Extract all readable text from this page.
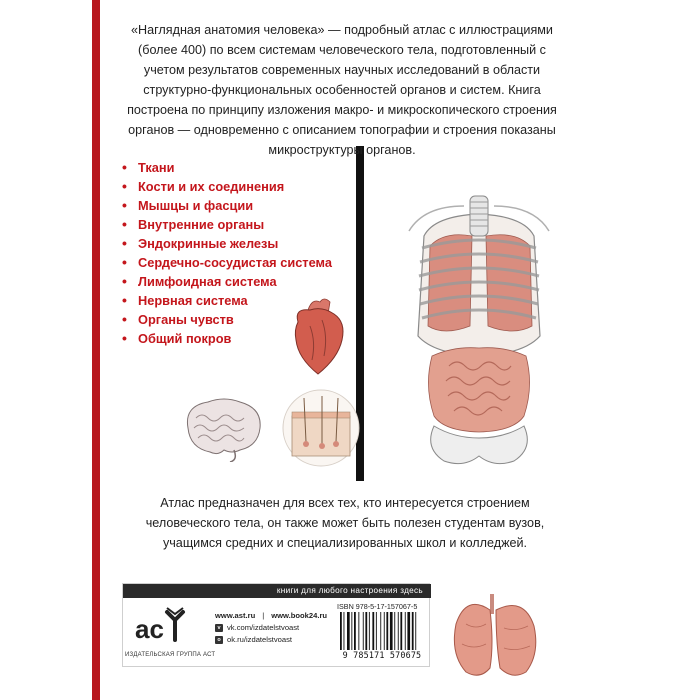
«Наглядная анатомия человека» — подробный атлас с иллюстрациями (более 400) по всем системам человеческого тела, подготовленный с учетом результатов современных научных исследований в области структурно-функциональных особенностей органов и систем. Книга построена по принципу изложения макро- и микроскопического строения органов — одновременно с описанием топографии и строения показаны микроструктуры органов.

• Ткани
• Кости и их соединения
• Мышцы и фасции
• Внутренние органы
• Эндокринные железы
• Сердечно-сосудистая система
• Лимфоидная система
• Нервная система
• Органы чувств
• Общий покров

Атлас предназначен для всех тех, кто интересуется строением человеческого тела, он также может быть полезен студентам вузов, учащимся средних и специализированных школ и колледжей.

книги для любого настроения здесь
ac
ИЗДАТЕЛЬСКАЯ ГРУППА АСТ
www.ast.ru | www.book24.ru
v vk.com/izdatelstvoast
o ok.ru/izdatelstvoast
ISBN 978-5-17-157067-5
9 785171 570675
